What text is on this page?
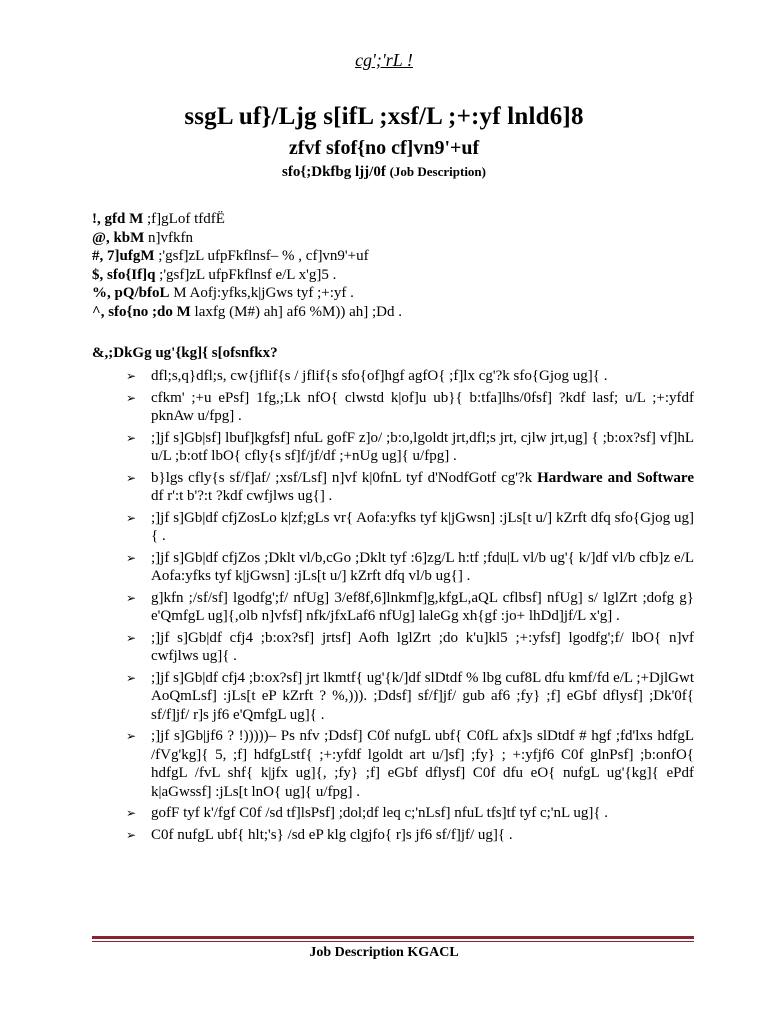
cg';'rL !
ssgL uf}/Ljg s[ifL ;xsf/L ;+:yf lnld6]8
zfvf sfof{no cf]vn9'+uf
sfo{;Dkfbg ljj/0f (Job Description)
!, gfd M ;f]gLof tfdfË
@, kbM n]vfkfn
#, 7]ufgM ;'gsf]zL ufpFkflnsf– % , cf]vn9'+uf
$, sfo{If]q ;'gsf]zL ufpFkflnsf e/L x'g]5 .
%, pQ/bfoL M Aofj:yfks,k|jGws tyf ;+:yf .
^, sfo{no ;do M laxfg (M#) ah] af6 %M)) ah] ;Dd .
&,;DkGg ug'{kg]{ s[ofsnfkx?
➢ dfl;s,q}dfl;s, cw{jflif{s / jflif{s sfo{of]hgf agfO{ ;f]lx cg'?k sfo{Gjog ug]{ .
➢ cfkm' ;+u ePsf] 1fg,;Lk nfO{ clwstd k|of]u ub}{ b:tfa]lhs/0fsf] ?kdf lasf; u/L ;+:yfdf pknAw u/fpg] .
➢ ;]jf s]Gb|sf] lbuf]kgfsf] nfuL gofF z]o/ ;b:o,lgoldt jrt,dfl;s jrt, cjlw jrt,ug] { ;b:ox?sf] vf]hL u/L ;b:otf lbO{ cfly{s sf]f/jf/df ;+nUg ug]{ u/fpg] .
➢ b}lgs cfly{s sf/f]af/ ;xsf/Lsf] n]vf k|0fnL tyf d'NodfGotf cg'?k Hardware and Software df r':t b'?:t ?kdf cwfjlws ug{] .
➢ ;]jf s]Gb|df cfjZosLo k|zf;gLs vr{ Aofa:yfks tyf k|jGwsn] :jLs[t u/] kZrft dfq sfo{Gjog ug]{ .
➢ ;]jf s]Gb|df cfjZos ;Dklt vl/b,cGo ;Dklt tyf :6]zg/L h:tf ;fdu|L vl/b ug'{ k/]df vl/b cfb]z e/L Aofa:yfks tyf k|jGwsn] :jLs[t u/] kZrft dfq vl/b ug{] .
➢ g]kfn ;/sf/sf] lgodfg';f/ nfUg] 3/ef8f,6]lnkmf]g,kfgL,aQL cflbsf] nfUg] s/ lglZrt ;dofg g} e'QmfgL ug]{,olb n]vfsf] nfk/jfxLaf6 nfUg] laleGg xh{gf :jo+ lhDd]jf/L x'g] .
➢ ;]jf s]Gb|df cfj4 ;b:ox?sf] jrtsf] Aofh lglZrt ;do k'u]kl5 ;+:yfsf] lgodfg';f/ lbO{ n]vf cwfjlws ug]{ .
➢ ;]jf s]Gb|df cfj4 ;b:ox?sf] jrt lkmtf{ ug'{k/]df slDtdf % lbg cuf8L dfu kmf/fd e/L ;+DjlGwt AoQmLsf] :jLs[t eP kZrft ? %,))). ;Ddsf] sf/f]jf/ gub af6 ;fy} ;f] eGbf dflysf] ;Dk'0f{ sf/f]jf/ r]s jf6 e'QmfgL ug]{ .
➢ ;]jf s]Gb|jf6 ? !)))))– Ps nfv ;Ddsf] C0f nufgL ubf{ C0fL afx]s slDtdf # hgf ;fd'lxs hdfgL /fVg'kg]{ 5, ;f] hdfgLstf{ ;+:yfdf lgoldt art u/]sf] ;fy} ; +:yfjf6 C0f glnPsf] ;b:onfO{ hdfgL /fvL shf{ k|jfx ug]{, ;fy} ;f] eGbf dflysf] C0f dfu eO{ nufgL ug'{kg]{ ePdf k|aGwssf] :jLs[t lnO{ ug]{ u/fpg] .
➢ gofF tyf k'/fgf C0f /sd tf]lsPsf] ;dol;df leq c;'nLsf] nfuL tfs]tf tyf c;'nL ug]{ .
➢ C0f nufgL ubf{ hlt;'s} /sd eP klg clgjfo{ r]s jf6 sf/f]jf/ ug]{ .
Job Description KGACL
